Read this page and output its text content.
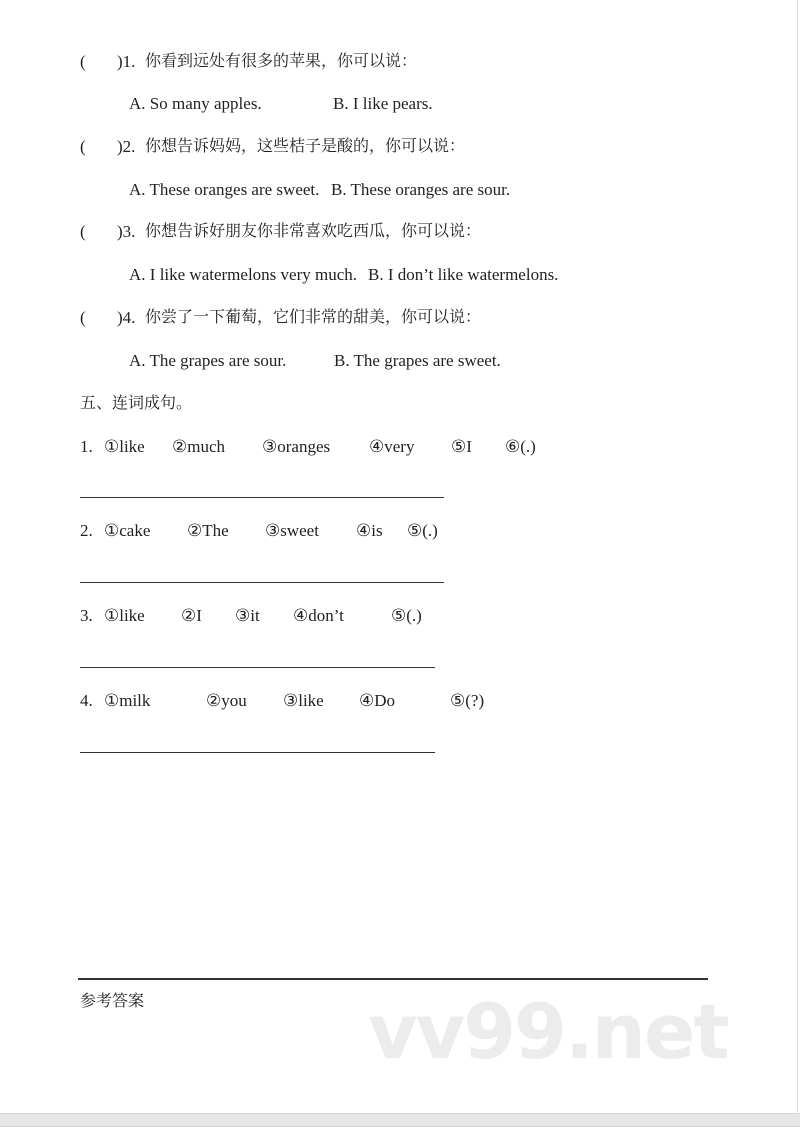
( )1. 你看到远处有很多的苹果，你可以说：
A. So many apples.	B. I like pears.
( )2. 你想告诉妈妈，这些桔子是酸的，你可以说：
A. These oranges are sweet. B. These oranges are sour.
( )3. 你想告诉好朋友你非常喜欢吃西瓜，你可以说：
A. I like watermelons very much. B. I don’t like watermelons.
( )4. 你尝了一下葡萄，它们非常的甜美，你可以说：
A. The grapes are sour.	B. The grapes are sweet.
五、连词成句。
1. ①like ②much ③oranges ④very ⑤I ⑥(.)
2. ①cake ②The ③sweet ④is ⑤(.)
3. ①like ②I ③it ④don’t	⑤(.)
4. ①milk	②you ③like ④Do	⑤(?)
参考答案	vv99.net
